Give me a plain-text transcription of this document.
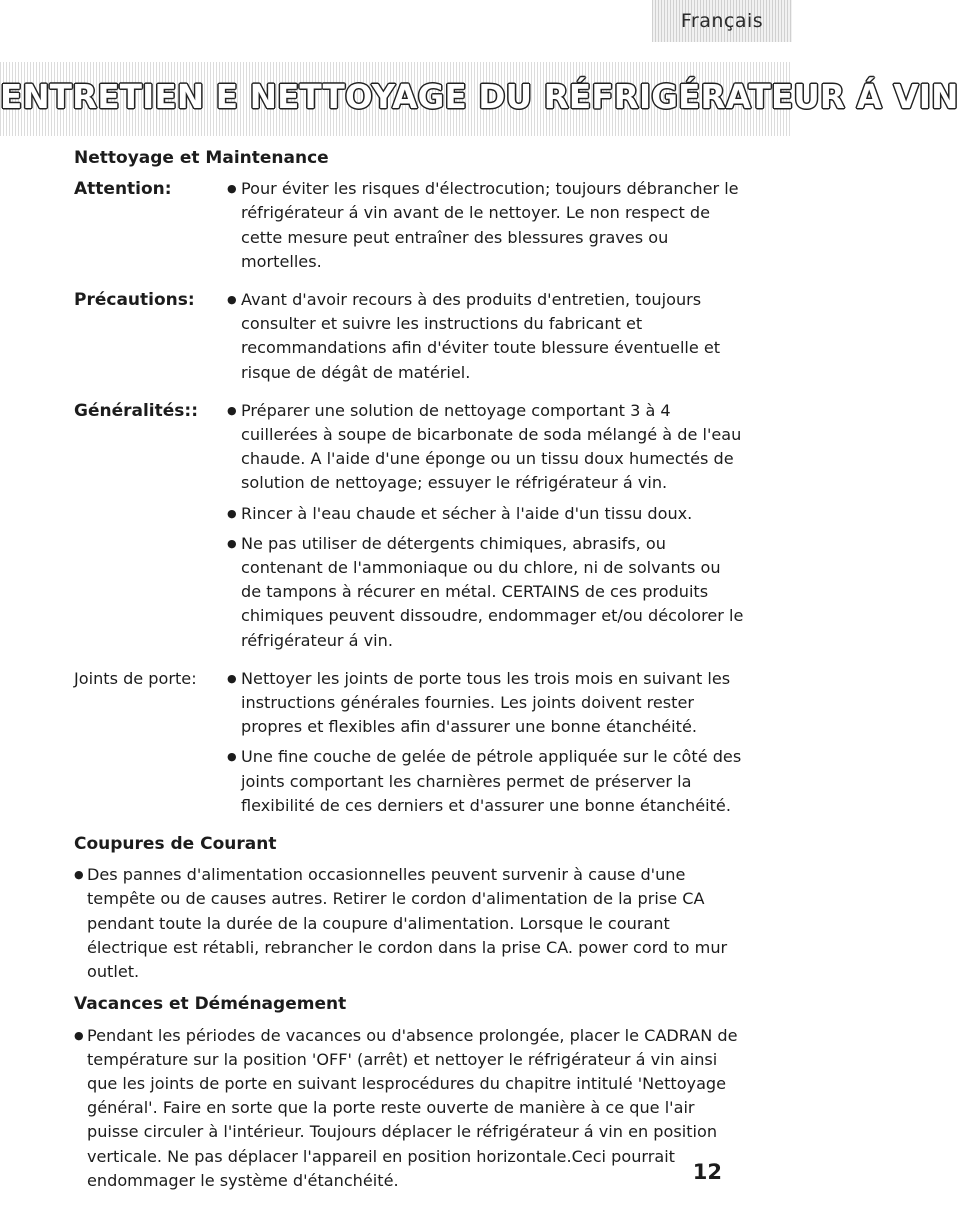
Français
ENTRETIEN E NETTOYAGE DU RÉFRIGÉRATEUR Á VIN
Nettoyage et Maintenance
Attention:	● Pour éviter les risques d'électrocution; toujours débrancher le réfrigérateur á vin avant de le nettoyer. Le non respect de cette mesure peut entraîner des blessures graves ou mortelles.
Précautions:	● Avant d'avoir recours à des produits d'entretien, toujours consulter et suivre les instructions du fabricant et recommandations afin d'éviter toute blessure éventuelle et risque de dégât de matériel.
Généralités::	● Préparer une solution de nettoyage comportant 3 à 4 cuillerées à soupe de bicarbonate de soda mélangé à de l'eau chaude. A l'aide d'une éponge ou un tissu doux humectés de solution de nettoyage; essuyer le réfrigérateur á vin.
● Rincer à l'eau chaude et sécher à l'aide d'un tissu doux.
● Ne pas utiliser de détergents chimiques, abrasifs, ou contenant de l'ammoniaque ou du chlore, ni de solvants ou de tampons à récurer en métal. CERTAINS de ces produits chimiques peuvent dissoudre, endommager et/ou décolorer le réfrigérateur á vin.
Joints de porte:	● Nettoyer les joints de porte tous les trois mois en suivant les instructions générales fournies. Les joints doivent rester propres et flexibles afin d'assurer une bonne étanchéité.
● Une fine couche de gelée de pétrole appliquée sur le côté des joints comportant les charnières permet de préserver la flexibilité de ces derniers et d'assurer une bonne étanchéité.
Coupures de Courant
● Des pannes d'alimentation occasionnelles peuvent survenir à cause d'une tempête ou de causes autres. Retirer le cordon d'alimentation de la prise CA pendant toute la durée de la coupure d'alimentation. Lorsque le courant électrique est rétabli, rebrancher le cordon dans la prise CA. power cord to mur outlet.
Vacances et Déménagement
● Pendant les périodes de vacances ou d'absence prolongée, placer le CADRAN de température sur la position 'OFF' (arrêt) et nettoyer le réfrigérateur á vin ainsi que les joints de porte en suivant lesprocédures du chapitre intitulé 'Nettoyage général'. Faire en sorte que la porte reste ouverte de manière à ce que l'air puisse circuler à l'intérieur. Toujours déplacer le réfrigérateur á vin en position verticale. Ne pas déplacer l'appareil en position horizontale.Ceci pourrait endommager le système d'étanchéité.	12
